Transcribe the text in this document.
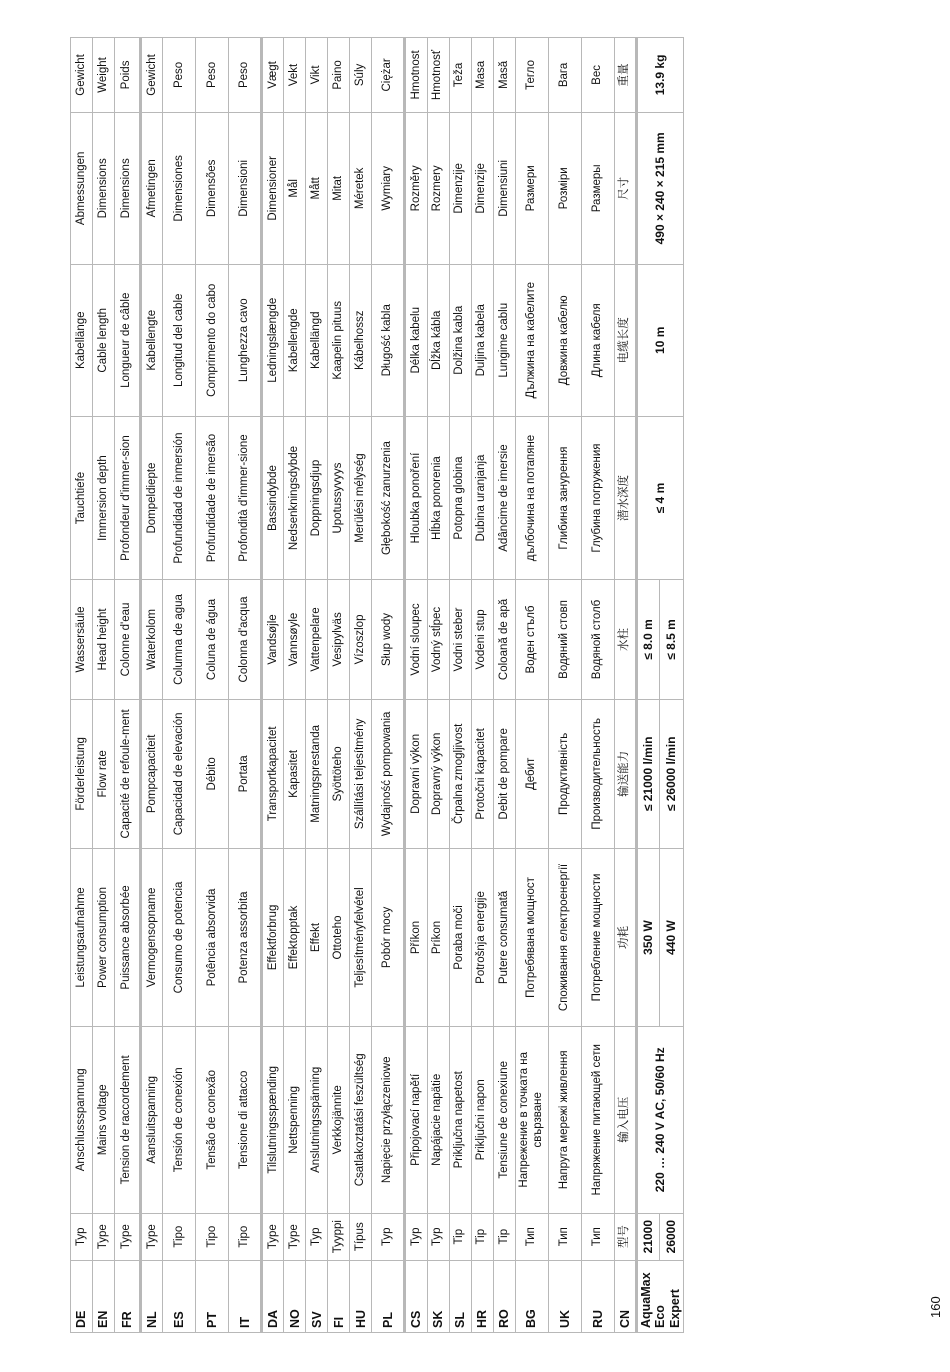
DE	Typ	Anschlussspannung	Leistungsaufnahme	Förderleistung	Wassersäule	Tauchtiefe	Kabellänge	Abmessungen	Gewicht
EN	Type	Mains voltage	Power consumption	Flow rate	Head height	Immersion depth	Cable length	Dimensions	Weight
FR	Type	Tension de raccordement	Puissance absorbée	Capacité de refoule-ment	Colonne d'eau	Profondeur d'immer-sion	Longueur de câble	Dimensions	Poids
NL	Type	Aansluitspanning	Vermogensopname	Pompcapaciteit	Waterkolom	Dompeldiepte	Kabellengte	Afmetingen	Gewicht
ES	Tipo	Tensión de conexión	Consumo de potencia	Capacidad de elevación	Columna de agua	Profundidad de inmersión	Longitud del cable	Dimensiones	Peso
PT	Tipo	Tensão de conexão	Potência absorvida	Débito	Coluna de água	Profundidade de imersão	Comprimento do cabo	Dimensões	Peso
IT	Tipo	Tensione di attacco	Potenza assorbita	Portata	Colonna d'acqua	Profondità d'immer-sione	Lunghezza cavo	Dimensioni	Peso
DA	Type	Tilslutningsspænding	Effektforbrug	Transportkapacitet	Vandsøjle	Bassindybde	Ledningslængde	Dimensioner	Vægt
NO	Type	Nettspenning	Effektopptak	Kapasitet	Vannsøyle	Nedsenkningsdybde	Kabellengde	Mål	Vekt
SV	Typ	Anslutningsspänning	Effekt	Matningsprestanda	Vattenpelare	Doppningsdjup	Kabellängd	Mått	Vikt
FI	Tyyppi	Verkkojännite	Ottoteho	Syöttöteho	Vesipylväs	Upotussyvyys	Kaapelin pituus	Mitat	Paino
HU	Típus	Csatlakoztatási feszültség	Teljesítményfelvétel	Szállítási teljesítmény	Vízoszlop	Merülési mélység	Kábelhossz	Méretek	Súly
PL	Typ	Napięcie przyłączeniowe	Pobór mocy	Wydajność pompowania	Słup wody	Głębokość zanurzenia	Długość kabla	Wymiary	Ciężar
CS	Typ	Připojovací napětí	Příkon	Dopravní výkon	Vodní sloupec	Hloubka ponoření	Délka kabelu	Rozměry	Hmotnost
SK	Typ	Napájacie napätie	Príkon	Dopravný výkon	Vodný stĺpec	Hĺbka ponorenia	Dĺžka kábla	Rozmery	Hmotnosť
SL	Tip	Priključna napetost	Poraba moči	Črpalna zmogljivost	Vodni steber	Potopna globina	Dolžina kabla	Dimenzije	Teža
HR	Tip	Priključni napon	Potrošnja energije	Protočni kapacitet	Vodeni stup	Dubina uranjanja	Duljina kabela	Dimenzije	Masa
RO	Tip	Tensiune de conexiune	Putere consumată	Debit de pompare	Coloană de apă	Adâncime de imersie	Lungime cablu	Dimensiuni	Masă
BG	Тип	Напрежение в точката на свързване	Потребявана мощност	Дебит	Воден стълб	дълбочина на потапяне	Дължина на кабелите	Размери	Тегло
UK	Тип	Напруга мережі живлення	Споживання електроенергії	Продуктивність	Водяний стовп	Глибина занурення	Довжина кабелю	Розміри	Вага
RU	Тип	Напряжение питающей сети	Потребление мощности	Производительность	Водяной столб	Глубина погружения	Длина кабеля	Размеры	Вес
CN	型号	输入电压	功耗	输送能力	水柱	潜水深度	电缆长度	尺寸	重量
AquaMax Eco Expert	21000	220 … 240 V AC, 50/60 Hz	350 W	≤ 21000 l/min	≤ 8.0 m	≤ 4 m	10 m	490 × 240 × 215 mm	13.9 kg
	26000		440 W	≤ 26000 l/min	≤ 8.5 m				
160
